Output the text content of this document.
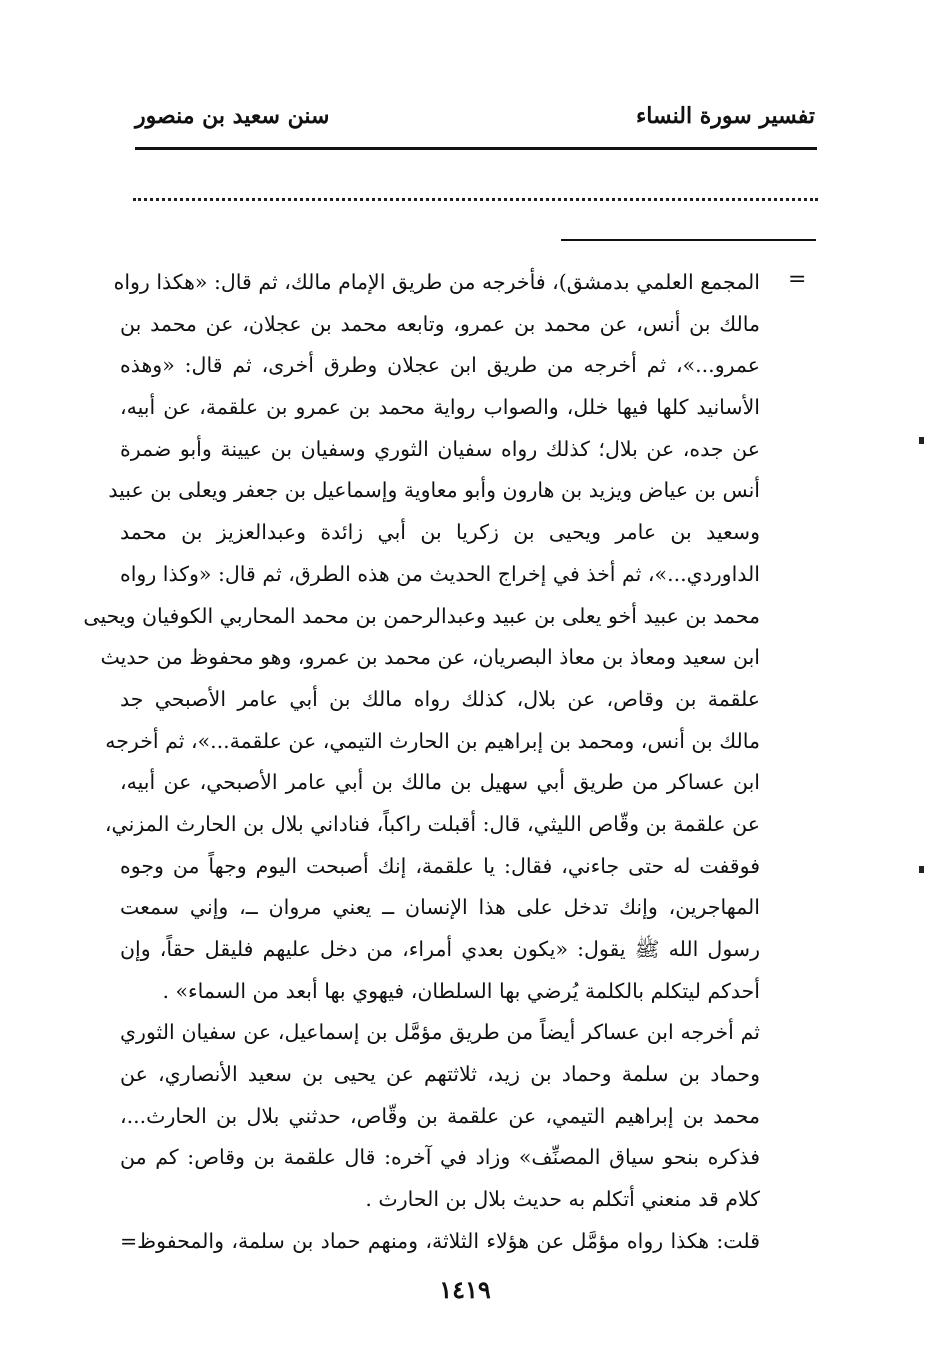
تفسير سورة النساء
سنن سعيد بن منصور
=
المجمع العلمي بدمشق)، فأخرجه من طريق الإمام مالك، ثم قال: «هكذا رواه
مالك بن أنس، عن محمد بن عمرو، وتابعه محمد بن عجلان، عن محمد بن
عمرو...»، ثم أخرجه من طريق ابن عجلان وطرق أخرى، ثم قال: «وهذه
الأسانيد كلها فيها خلل، والصواب رواية محمد بن عمرو بن علقمة، عن أبيه،
عن جده، عن بلال؛ كذلك رواه سفيان الثوري وسفيان بن عيينة وأبو ضمرة
أنس بن عياض ويزيد بن هارون وأبو معاوية وإسماعيل بن جعفر ويعلى بن عبيد
وسعيد بن عامر ويحيى بن زكريا بن أبي زائدة وعبدالعزيز بن محمد
الداوردي...»، ثم أخذ في إخراج الحديث من هذه الطرق، ثم قال: «وكذا رواه
محمد بن عبيد أخو يعلى بن عبيد وعبدالرحمن بن محمد المحاربي الكوفيان ويحيى
ابن سعيد ومعاذ بن معاذ البصريان، عن محمد بن عمرو، وهو محفوظ من حديث
علقمة بن وقاص، عن بلال، كذلك رواه مالك بن أبي عامر الأصبحي جد
مالك بن أنس، ومحمد بن إبراهيم بن الحارث التيمي، عن علقمة...»، ثم أخرجه
ابن عساكر من طريق أبي سهيل بن مالك بن أبي عامر الأصبحي، عن أبيه،
عن علقمة بن وقّاص الليثي، قال: أقبلت راكباً، فناداني بلال بن الحارث المزني،
فوقفت له حتى جاءني، فقال: يا علقمة، إنك أصبحت اليوم وجهاً من وجوه
المهاجرين، وإنك تدخل على هذا الإنسان ــ يعني مروان ــ، وإني سمعت
رسول الله ﷺ يقول: «يكون بعدي أمراء، من دخل عليهم فليقل حقاً، وإن
أحدكم ليتكلم بالكلمة يُرضي بها السلطان، فيهوي بها أبعد من السماء» .
ثم أخرجه ابن عساكر أيضاً من طريق مؤمَّل بن إسماعيل، عن سفيان الثوري
وحماد بن سلمة وحماد بن زيد، ثلاثتهم عن يحيى بن سعيد الأنصاري، عن
محمد بن إبراهيم التيمي، عن علقمة بن وقّاص، حدثني بلال بن الحارث...،
فذكره بنحو سياق المصنِّف» وزاد في آخره: قال علقمة بن وقاص: كم من
كلام قد منعني أتكلم به حديث بلال بن الحارث .
قلت: هكذا رواه مؤمَّل عن هؤلاء الثلاثة، ومنهم حماد بن سلمة، والمحفوظ=
١٤١٩
